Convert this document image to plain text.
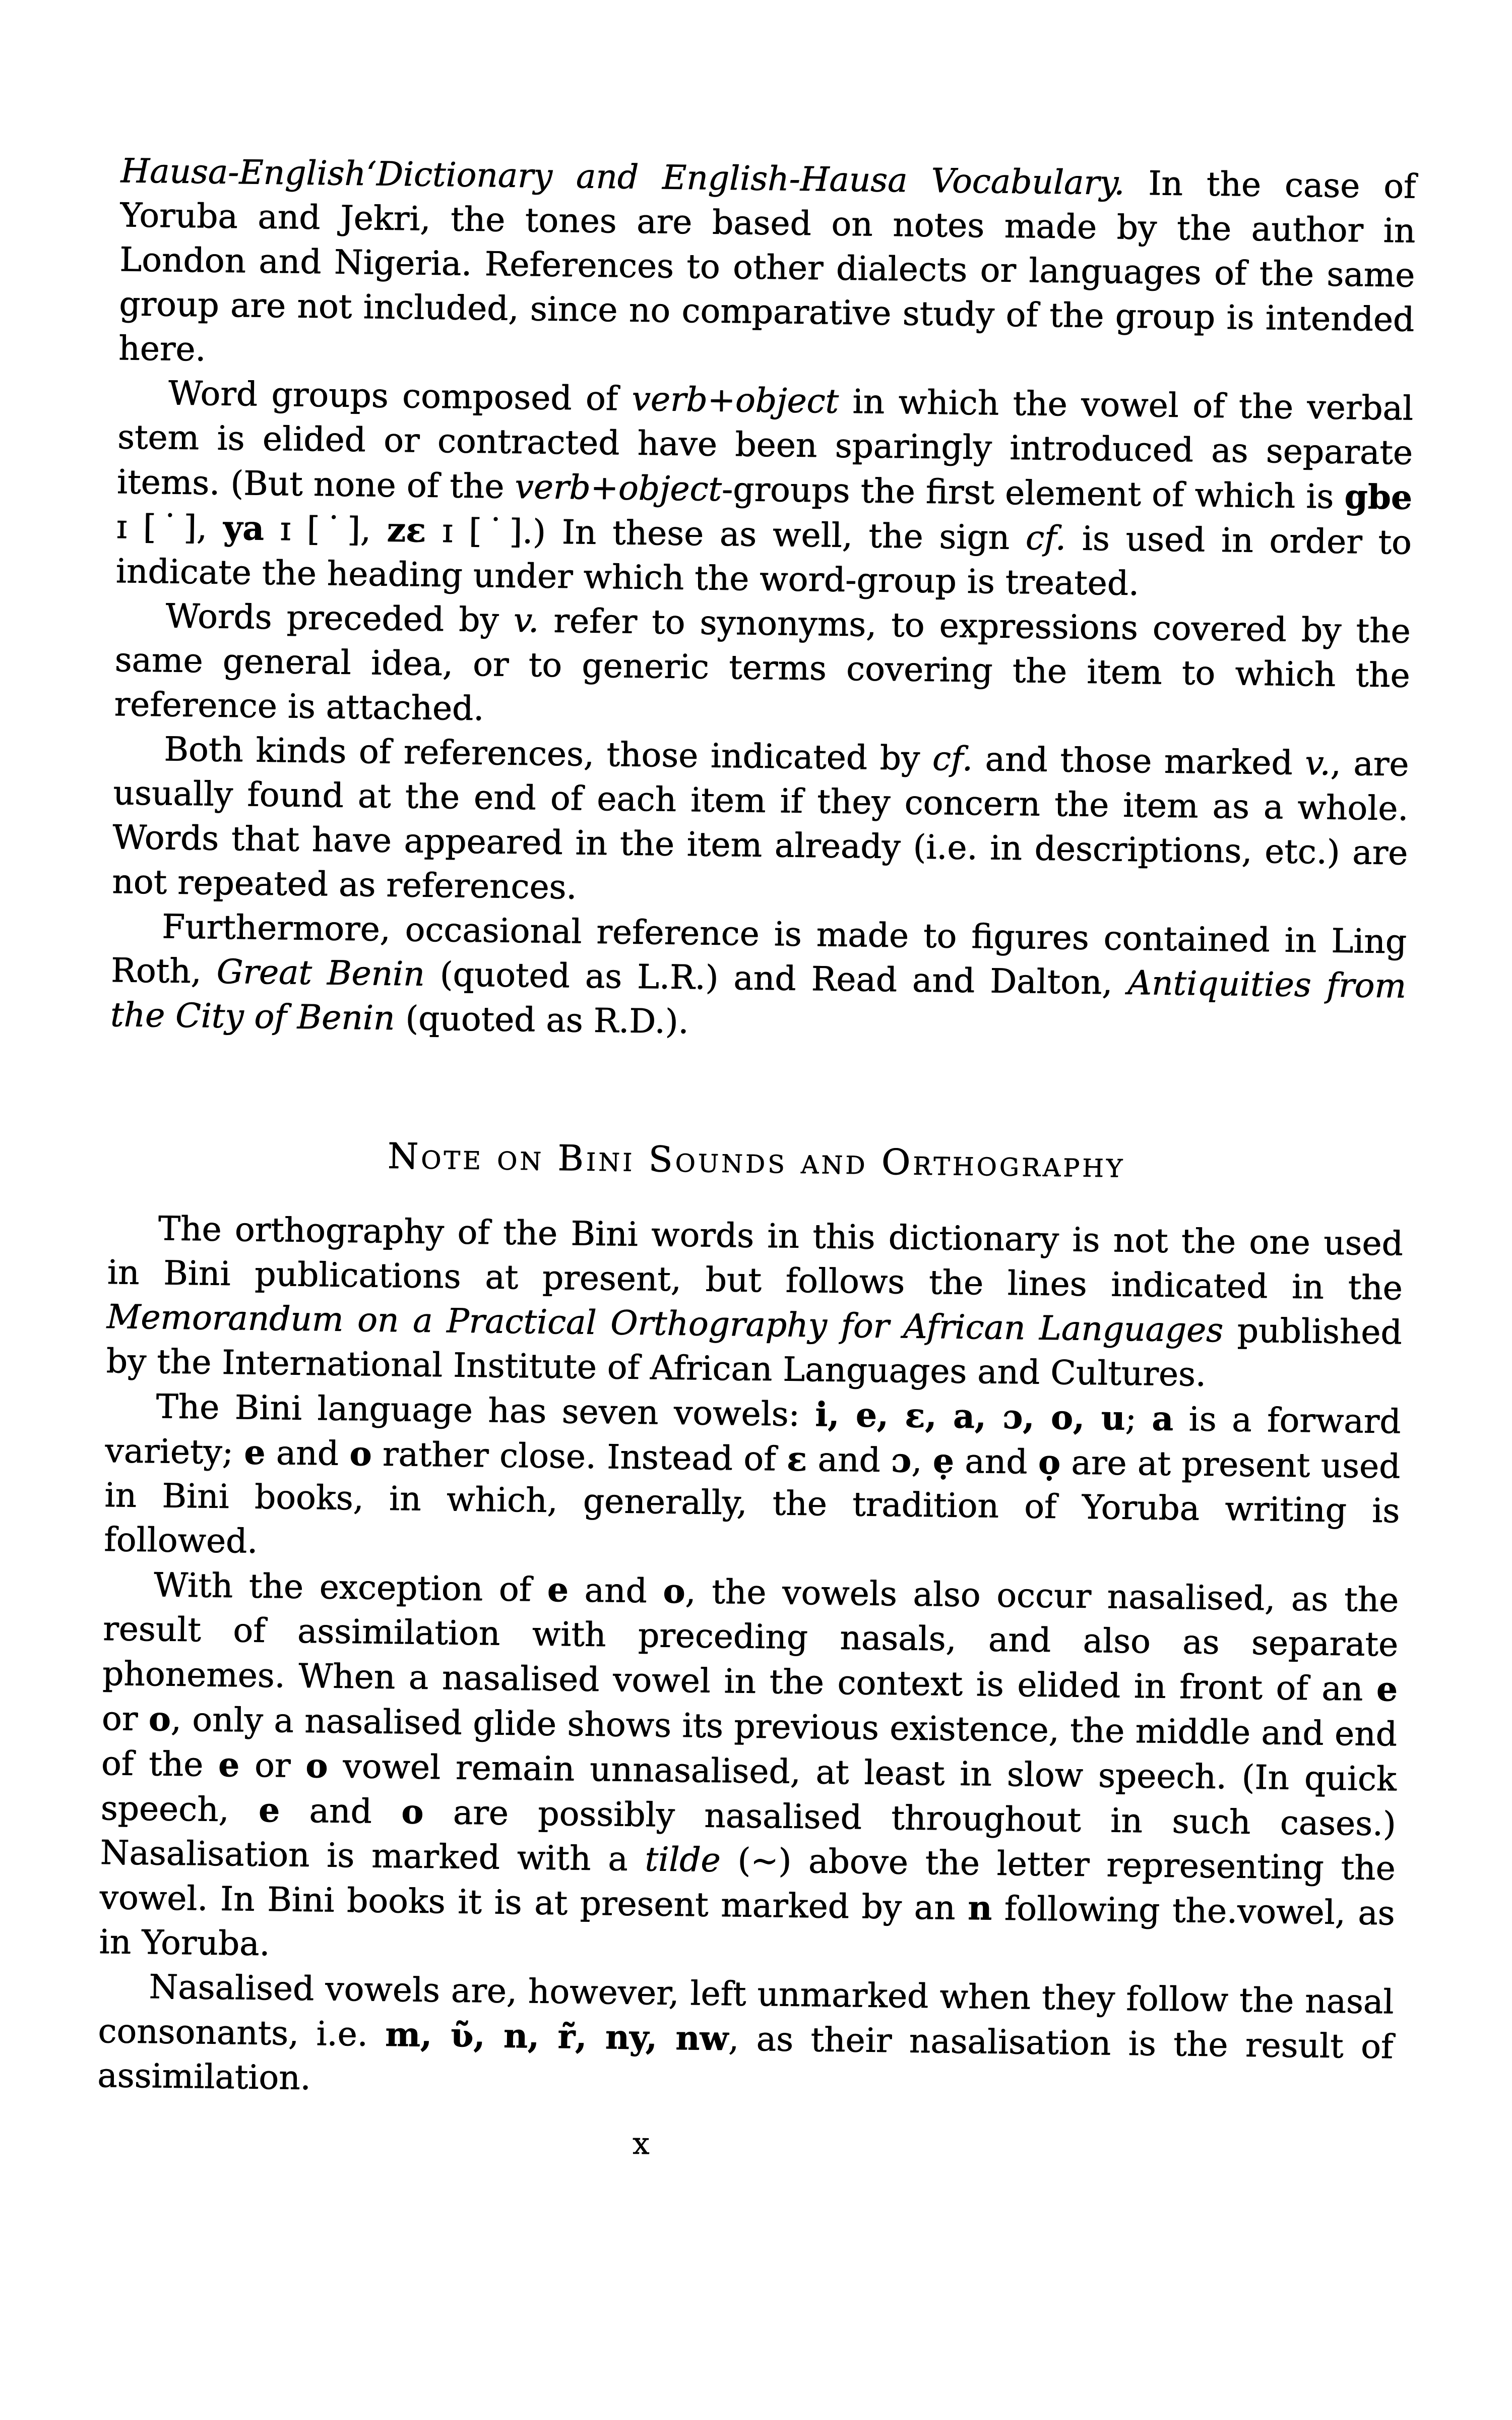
Hausa-English‘Dictionary and English-Hausa Vocabulary. In the case of Yoruba and Jekri, the tones are based on notes made by the author in London and Nigeria. References to other dialects or languages of the same group are not included, since no comparative study of the group is intended here.

Word groups composed of verb+object in which the vowel of the verbal stem is elided or contracted have been sparingly introduced as separate items. (But none of the verb+object-groups the first element of which is gbe ɪ [˙], ya ɪ [˙], zɛ ɪ [˙].) In these as well, the sign cf. is used in order to indicate the heading under which the word-group is treated.

Words preceded by v. refer to synonyms, to expressions covered by the same general idea, or to generic terms covering the item to which the reference is attached.

Both kinds of references, those indicated by cf. and those marked v., are usually found at the end of each item if they concern the item as a whole. Words that have appeared in the item already (i.e. in descriptions, etc.) are not repeated as references.

Furthermore, occasional reference is made to figures contained in Ling Roth, Great Benin (quoted as L.R.) and Read and Dalton, Antiquities from the City of Benin (quoted as R.D.).

Note on Bini Sounds and Orthography

The orthography of the Bini words in this dictionary is not the one used in Bini publications at present, but follows the lines indicated in the Memorandum on a Practical Orthography for African Languages published by the International Institute of African Languages and Cultures.

The Bini language has seven vowels: i, e, ɛ, a, ɔ, o, u; a is a forward variety; e and o rather close. Instead of ɛ and ɔ, ẹ and ọ are at present used in Bini books, in which, generally, the tradition of Yoruba writing is followed.

With the exception of e and o, the vowels also occur nasalised, as the result of assimilation with preceding nasals, and also as separate phonemes. When a nasalised vowel in the context is elided in front of an e or o, only a nasalised glide shows its previous existence, the middle and end of the e or o vowel remain unnasalised, at least in slow speech. (In quick speech, e and o are possibly nasalised throughout in such cases.) Nasalisation is marked with a tilde (~) above the letter representing the vowel. In Bini books it is at present marked by an n following the.vowel, as in Yoruba.

Nasalised vowels are, however, left unmarked when they follow the nasal consonants, i.e. m, ʋ̃, n, r̃, ny, nw, as their nasalisation is the result of assimilation.

x
